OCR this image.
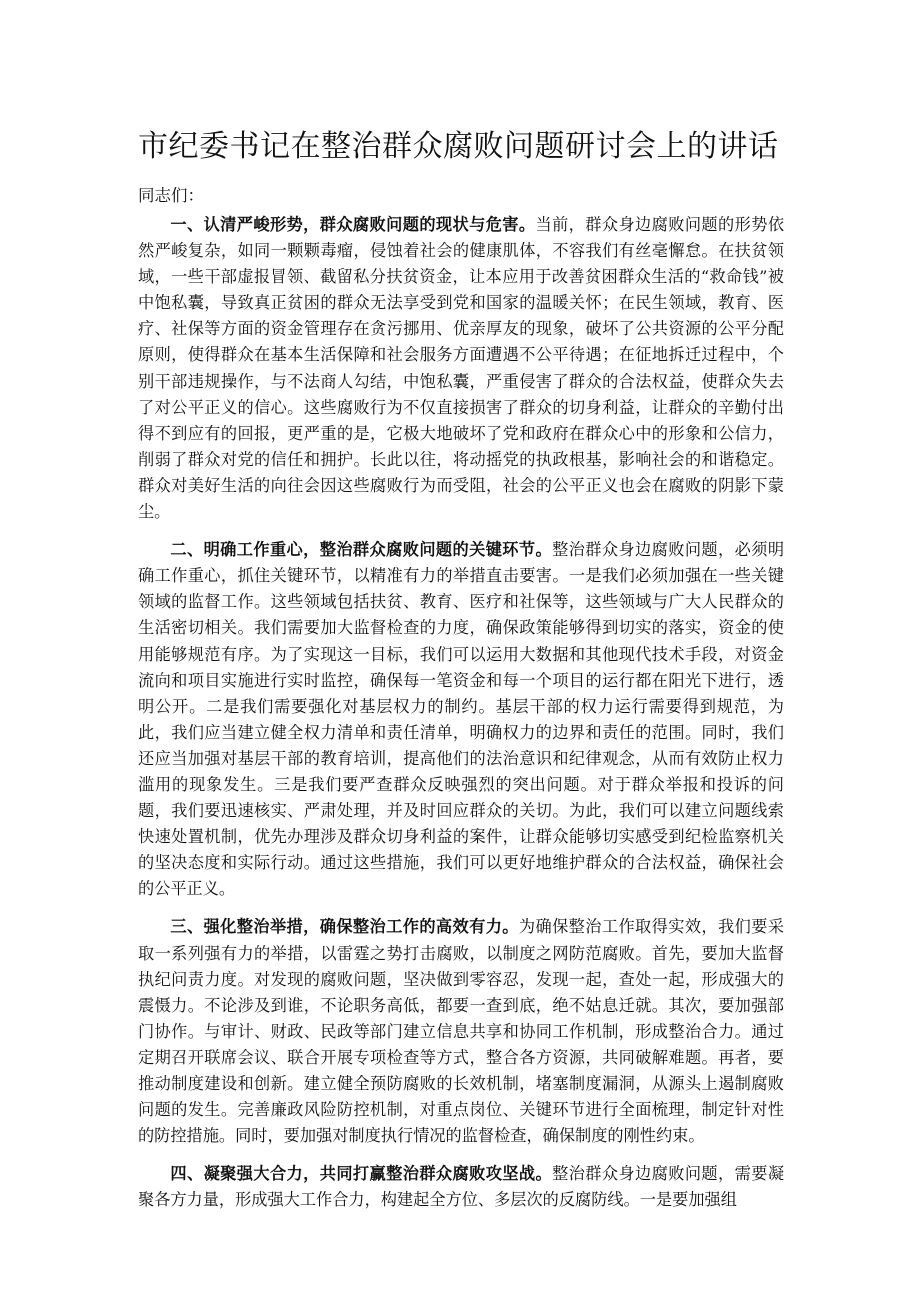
市纪委书记在整治群众腐败问题研讨会上的讲话

同志们：

一、认清严峻形势，群众腐败问题的现状与危害。当前，群众身边腐败问题的形势依然严峻复杂，如同一颗颗毒瘤，侵蚀着社会的健康肌体，不容我们有丝毫懈怠。在扶贫领域，一些干部虚报冒领、截留私分扶贫资金，让本应用于改善贫困群众生活的“救命钱”被中饱私囊，导致真正贫困的群众无法享受到党和国家的温暖关怀；在民生领域，教育、医疗、社保等方面的资金管理存在贪污挪用、优亲厚友的现象，破坏了公共资源的公平分配原则，使得群众在基本生活保障和社会服务方面遭遇不公平待遇；在征地拆迁过程中，个别干部违规操作，与不法商人勾结，中饱私囊，严重侵害了群众的合法权益，使群众失去了对公平正义的信心。这些腐败行为不仅直接损害了群众的切身利益，让群众的辛勤付出得不到应有的回报，更严重的是，它极大地破坏了党和政府在群众心中的形象和公信力，削弱了群众对党的信任和拥护。长此以往，将动摇党的执政根基，影响社会的和谐稳定。群众对美好生活的向往会因这些腐败行为而受阻，社会的公平正义也会在腐败的阴影下蒙尘。

二、明确工作重心，整治群众腐败问题的关键环节。整治群众身边腐败问题，必须明确工作重心，抓住关键环节，以精准有力的举措直击要害。一是我们必须加强在一些关键领域的监督工作。这些领域包括扶贫、教育、医疗和社保等，这些领域与广大人民群众的生活密切相关。我们需要加大监督检查的力度，确保政策能够得到切实的落实，资金的使用能够规范有序。为了实现这一目标，我们可以运用大数据和其他现代技术手段，对资金流向和项目实施进行实时监控，确保每一笔资金和每一个项目的运行都在阳光下进行，透明公开。二是我们需要强化对基层权力的制约。基层干部的权力运行需要得到规范，为此，我们应当建立健全权力清单和责任清单，明确权力的边界和责任的范围。同时，我们还应当加强对基层干部的教育培训，提高他们的法治意识和纪律观念，从而有效防止权力滥用的现象发生。三是我们要严查群众反映强烈的突出问题。对于群众举报和投诉的问题，我们要迅速核实、严肃处理，并及时回应群众的关切。为此，我们可以建立问题线索快速处置机制，优先办理涉及群众切身利益的案件，让群众能够切实感受到纪检监察机关的坚决态度和实际行动。通过这些措施，我们可以更好地维护群众的合法权益，确保社会的公平正义。

三、强化整治举措，确保整治工作的高效有力。为确保整治工作取得实效，我们要采取一系列强有力的举措，以雷霆之势打击腐败，以制度之网防范腐败。首先，要加大监督执纪问责力度。对发现的腐败问题，坚决做到零容忍，发现一起，查处一起，形成强大的震慑力。不论涉及到谁，不论职务高低，都要一查到底，绝不姑息迁就。其次，要加强部门协作。与审计、财政、民政等部门建立信息共享和协同工作机制，形成整治合力。通过定期召开联席会议、联合开展专项检查等方式，整合各方资源，共同破解难题。再者，要推动制度建设和创新。建立健全预防腐败的长效机制，堵塞制度漏洞，从源头上遏制腐败问题的发生。完善廉政风险防控机制，对重点岗位、关键环节进行全面梳理，制定针对性的防控措施。同时，要加强对制度执行情况的监督检查，确保制度的刚性约束。

四、凝聚强大合力，共同打赢整治群众腐败攻坚战。整治群众身边腐败问题，需要凝聚各方力量，形成强大工作合力，构建起全方位、多层次的反腐防线。一是要加强组
